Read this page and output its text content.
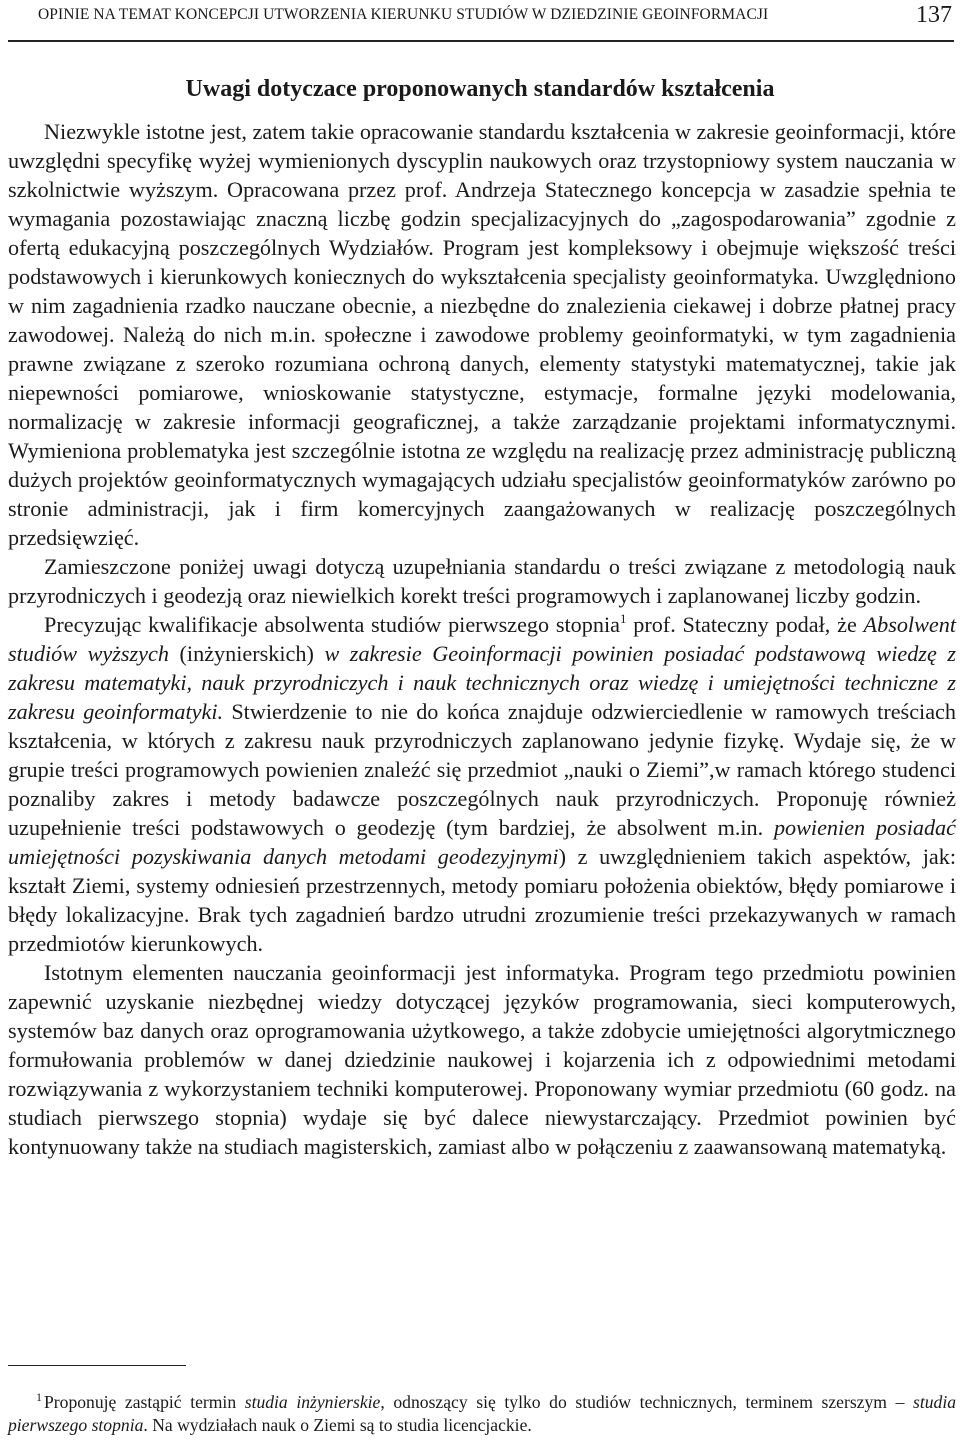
OPINIE NA TEMAT KONCEPCJI UTWORZENIA KIERUNKU STUDIÓW W DZIEDZINIE GEOINFORMACJI	137
Uwagi dotyczace proponowanych standardów kształcenia

Niezwykle istotne jest, zatem takie opracowanie standardu kształcenia w zakresie geoinformacji, które uwzględni specyfikę wyżej wymienionych dyscyplin naukowych oraz trzystopniowy system nauczania w szkolnictwie wyższym. Opracowana przez prof. Andrzeja Statecznego koncepcja w zasadzie spełnia te wymagania pozostawiając znaczną liczbę godzin specjalizacyjnych do „zagospodarowania” zgodnie z ofertą edukacyjną poszczególnych Wydziałów. Program jest kompleksowy i obejmuje większość treści podstawowych i kierunkowych koniecznych do wykształcenia specjalisty geoinformatyka. Uwzględniono w nim zagadnienia rzadko nauczane obecnie, a niezbędne do znalezienia ciekawej i dobrze płatnej pracy zawodowej. Należą do nich m.in. społeczne i zawodowe problemy geoinformatyki, w tym zagadnienia prawne związane z szeroko rozumiana ochroną danych, elementy statystyki matematycznej, takie jak niepewności pomiarowe, wnioskowanie statystyczne, estymacje, formalne języki modelowania, normalizację w zakresie informacji geograficznej, a także zarządzanie projektami informatycznymi. Wymieniona problematyka jest szczególnie istotna ze względu na realizację przez administrację publiczną dużych projektów geoinformatycznych wymagających udziału specjalistów geoinformatyków zarówno po stronie administracji, jak i firm komercyjnych zaangażowanych w realizację poszczególnych przedsięwzięć.

Zamieszczone poniżej uwagi dotyczą uzupełniania standardu o treści związane z metodologią nauk przyrodniczych i geodezją oraz niewielkich korekt treści programowych i zaplanowanej liczby godzin.

Precyzując kwalifikacje absolwenta studiów pierwszego stopnia$^1$ prof. Stateczny podał, że Absolwent studiów wyższych (inżynierskich) w zakresie Geoinformacji powinien posiadać podstawową wiedzę z zakresu matematyki, nauk przyrodniczych i nauk technicznych oraz wiedzę i umiejętności techniczne z zakresu geoinformatyki. Stwierdzenie to nie do końca znajduje odzwierciedlenie w ramowych treściach kształcenia, w których z zakresu nauk przyrodniczych zaplanowano jedynie fizykę. Wydaje się, że w grupie treści programowych powienien znaleźć się przedmiot „nauki o Ziemi”,w ramach którego studenci poznaliby zakres i metody badawcze poszczególnych nauk przyrodniczych. Proponuję również uzupełnienie treści podstawowych o geodezję (tym bardziej, że absolwent m.in. powienien posiadać umiejętności pozyskiwania danych metodami geodezyjnymi) z uwzględnieniem takich aspektów, jak: kształt Ziemi, systemy odniesień przestrzennych, metody pomiaru położenia obiektów, błędy pomiarowe i błędy lokalizacyjne. Brak tych zagadnień bardzo utrudni zrozumienie treści przekazywanych w ramach przedmiotów kierunkowych.

Istotnym elementen nauczania geoinformacji jest informatyka. Program tego przedmiotu powinien zapewnić uzyskanie niezbędnej wiedzy dotyczącej języków programowania, sieci komputerowych, systemów baz danych oraz oprogramowania użytkowego, a także zdobycie umiejętności algorytmicznego formułowania problemów w danej dziedzinie naukowej i kojarzenia ich z odpowiednimi metodami rozwiązywania z wykorzystaniem techniki komputerowej. Proponowany wymiar przedmiotu (60 godz. na studiach pierwszego stopnia) wydaje się być dalece niewystarczający. Przedmiot powinien być kontynuowany także na studiach magisterskich, zamiast albo w połączeniu z zaawansowaną matematyką.

$^1$ Proponuję zastąpić termin studia inżynierskie, odnoszący się tylko do studiów technicznych, terminem szerszym – studia pierwszego stopnia. Na wydziałach nauk o Ziemi są to studia licencjackie.
